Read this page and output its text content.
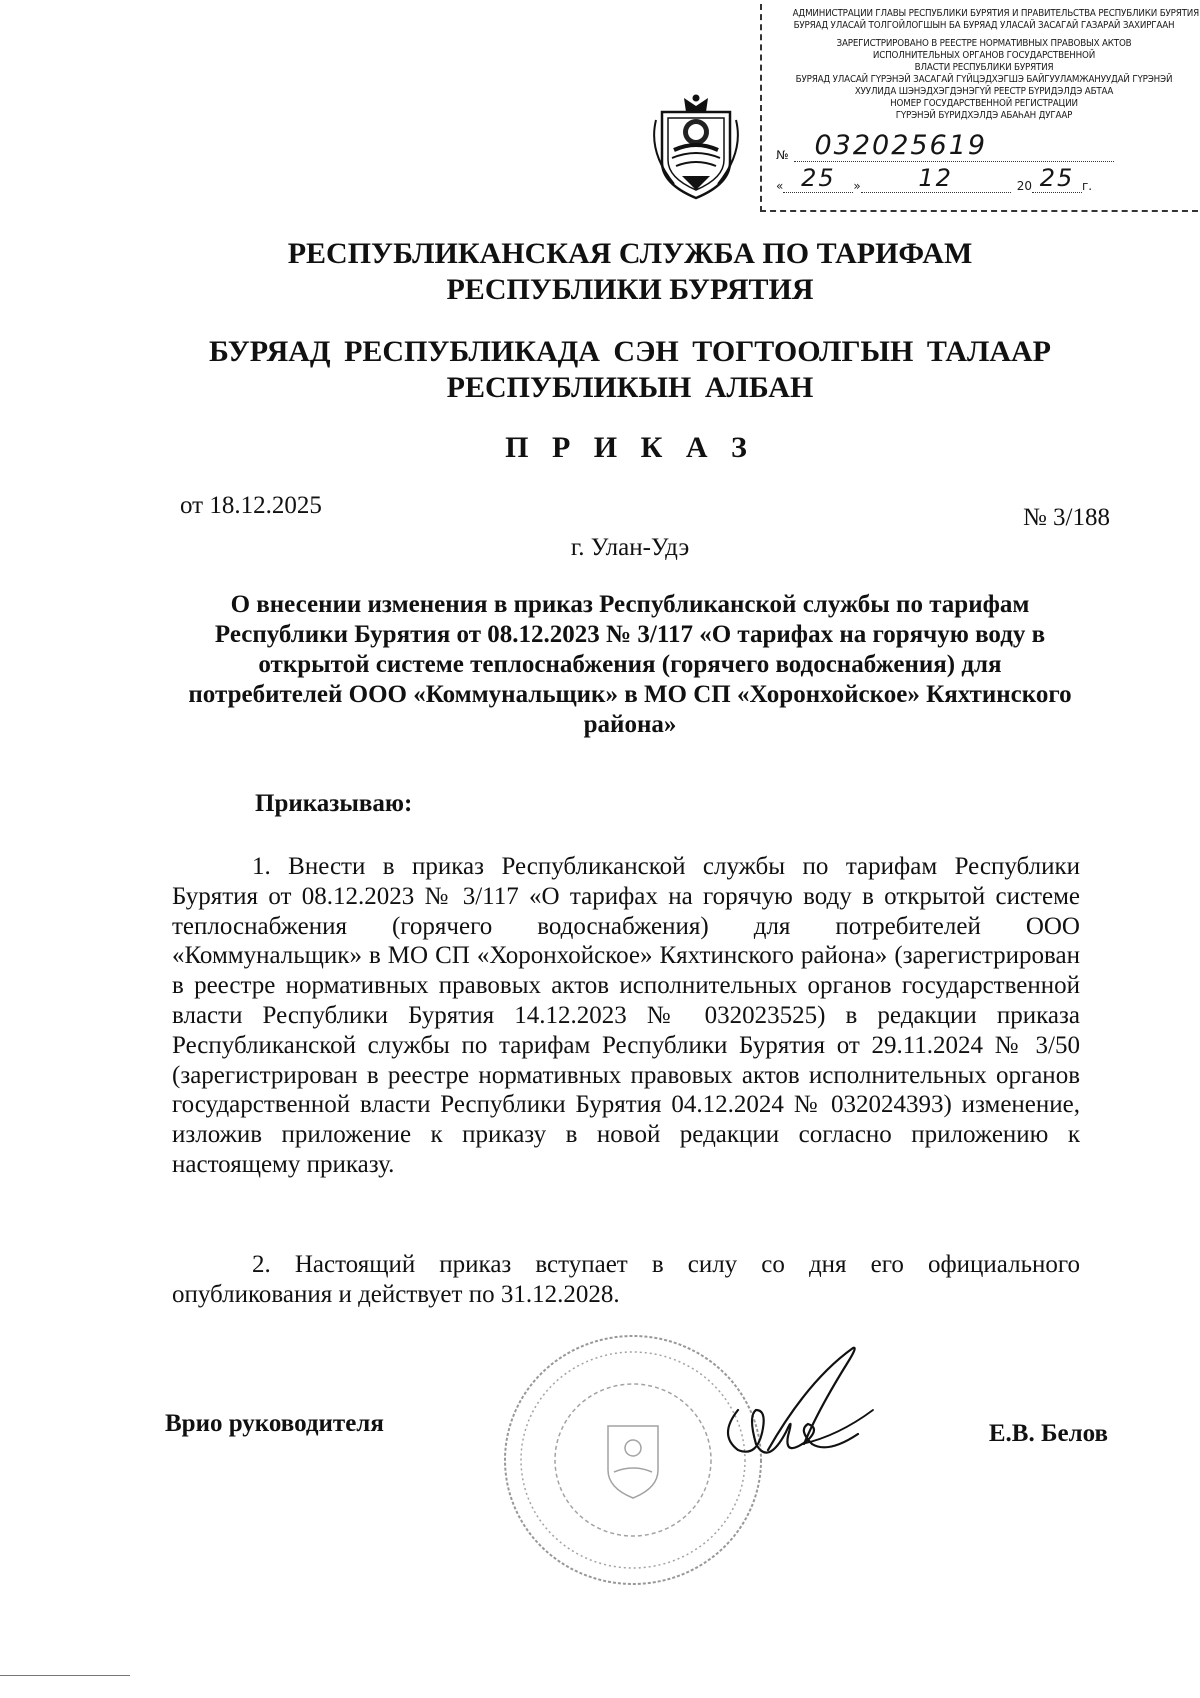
АДМИНИСТРАЦИИ ГЛАВЫ РЕСПУБЛИКИ БУРЯТИЯ И ПРАВИТЕЛЬСТВА РЕСПУБЛИКИ БУРЯТИЯ
БУРЯАД УЛАСАЙ ТОЛГОЙЛОГШЫН БА БУРЯАД УЛАСАЙ ЗАСАГАЙ ГАЗАРАЙ ЗАХИРГААН
ЗАРЕГИСТРИРОВАНО В РЕЕСТРЕ НОРМАТИВНЫХ ПРАВОВЫХ АКТОВ
ИСПОЛНИТЕЛЬНЫХ ОРГАНОВ ГОСУДАРСТВЕННОЙ
ВЛАСТИ РЕСПУБЛИКИ БУРЯТИЯ
БУРЯАД УЛАСАЙ ГҮРЭНЭЙ ЗАСАГАЙ ГҮЙЦЭДХЭГШЭ БАЙГУУЛАМЖАНУУДАЙ ГҮРЭНЭЙ
ХУУЛИДА ШЭНЭДХЭГДЭНЭГҮЙ РЕЕСТР БҮРИДЭЛДЭ АБТАА
НОМЕР ГОСУДАРСТВЕННОЙ РЕГИСТРАЦИИ
ГҮРЭНЭЙ БҮРИДХЭЛДЭ АБАҺАН ДУГААР
№ 032025619
« 25	»	12	20 25 г.
РЕСПУБЛИКАНСКАЯ СЛУЖБА ПО ТАРИФАМ РЕСПУБЛИКИ БУРЯТИЯ
БУРЯАД РЕСПУБЛИКАДА СЭН ТОГТООЛГЫН ТАЛААР РЕСПУБЛИКЫН АЛБАН
П Р И К А З
от 18.12.2025	№ 3/188
г. Улан-Удэ
О внесении изменения в приказ Республиканской службы по тарифам Республики Бурятия от 08.12.2023 № 3/117 «О тарифах на горячую воду в открытой системе теплоснабжения (горячего водоснабжения) для потребителей ООО «Коммунальщик» в МО СП «Хоронхойское» Кяхтинского района»
Приказываю:
1. Внести в приказ Республиканской службы по тарифам Республики Бурятия от 08.12.2023 № 3/117 «О тарифах на горячую воду в открытой системе теплоснабжения (горячего водоснабжения) для потребителей ООО «Коммунальщик» в МО СП «Хоронхойское» Кяхтинского района» (зарегистрирован в реестре нормативных правовых актов исполнительных органов государственной власти Республики Бурятия 14.12.2023 № 032023525) в редакции приказа Республиканской службы по тарифам Республики Бурятия от 29.11.2024 № 3/50 (зарегистрирован в реестре нормативных правовых актов исполнительных органов государственной власти Республики Бурятия 04.12.2024 № 032024393) изменение, изложив приложение к приказу в новой редакции согласно приложению к настоящему приказу.
2. Настоящий приказ вступает в силу со дня его официального опубликования и действует по 31.12.2028.
Врио руководителя	Е.В. Белов
